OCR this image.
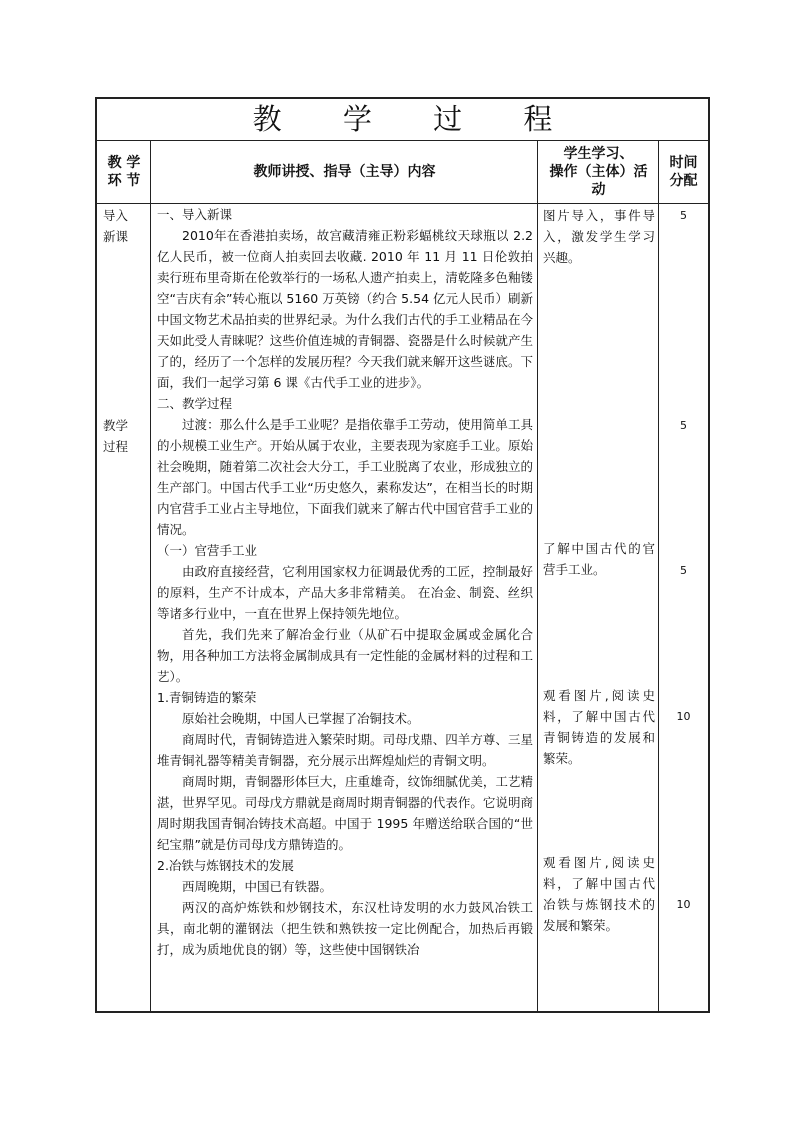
教 学 过 程
教 学
环 节
教师讲授、指导（主导）内容
学生学习、
操作（主体）活
动
时间
分配
导入
新课
教学
过程

一、导入新课

2010年在香港拍卖场，故宫藏清雍正粉彩蝠桃纹天球瓶以 2.2 亿人民币，被一位商人拍卖回去收藏. 2010 年 11 月 11 日伦敦拍卖行班布里奇斯在伦敦举行的一场私人遗产拍卖上，清乾隆多色釉镂空“吉庆有余”转心瓶以 5160 万英镑（约合 5.54 亿元人民币）刷新中国文物艺术品拍卖的世界纪录。为什么我们古代的手工业精品在今天如此受人青睐呢？这些价值连城的青铜器、瓷器是什么时候就产生了的，经历了一个怎样的发展历程？今天我们就来解开这些谜底。下面，我们一起学习第 6 课《古代手工业的进步》。

二、教学过程

过渡：那么什么是手工业呢？是指依靠手工劳动，使用简单工具的小规模工业生产。开始从属于农业，主要表现为家庭手工业。原始社会晚期，随着第二次社会大分工，手工业脱离了农业，形成独立的生产部门。中国古代手工业“历史悠久，素称发达”，在相当长的时期内官营手工业占主导地位，下面我们就来了解古代中国官营手工业的情况。

（一）官营手工业

由政府直接经营，它利用国家权力征调最优秀的工匠，控制最好的原料，生产不计成本，产品大多非常精美。 在冶金、制瓷、丝织等诸多行业中，一直在世界上保持领先地位。

首先，我们先来了解冶金行业（从矿石中提取金属或金属化合物，用各种加工方法将金属制成具有一定性能的金属材料的过程和工艺）。

1.青铜铸造的繁荣

原始社会晚期，中国人已掌握了冶铜技术。

商周时代，青铜铸造进入繁荣时期。司母戊鼎、四羊方尊、三星堆青铜礼器等精美青铜器，充分展示出辉煌灿烂的青铜文明。

商周时期，青铜器形体巨大，庄重雄奇，纹饰细腻优美，工艺精湛，世界罕见。司母戊方鼎就是商周时期青铜器的代表作。它说明商周时期我国青铜冶铸技术高超。中国于 1995 年赠送给联合国的“世纪宝鼎”就是仿司母戊方鼎铸造的。

2.冶铁与炼钢技术的发展

西周晚期，中国已有铁器。

两汉的高炉炼铁和炒钢技术，东汉杜诗发明的水力鼓风冶铁工具，南北朝的灌钢法（把生铁和熟铁按一定比例配合，加热后再锻打，成为质地优良的钢）等，这些使中国钢铁冶

图片导入，事件导入，激发学生学习兴趣。
了解中国古代的官营手工业。
观看图片,阅读史料，了解中国古代青铜铸造的发展和繁荣。
观看图片,阅读史料，了解中国古代冶铁与炼钢技术的发展和繁荣。
5
5
5
10
10
